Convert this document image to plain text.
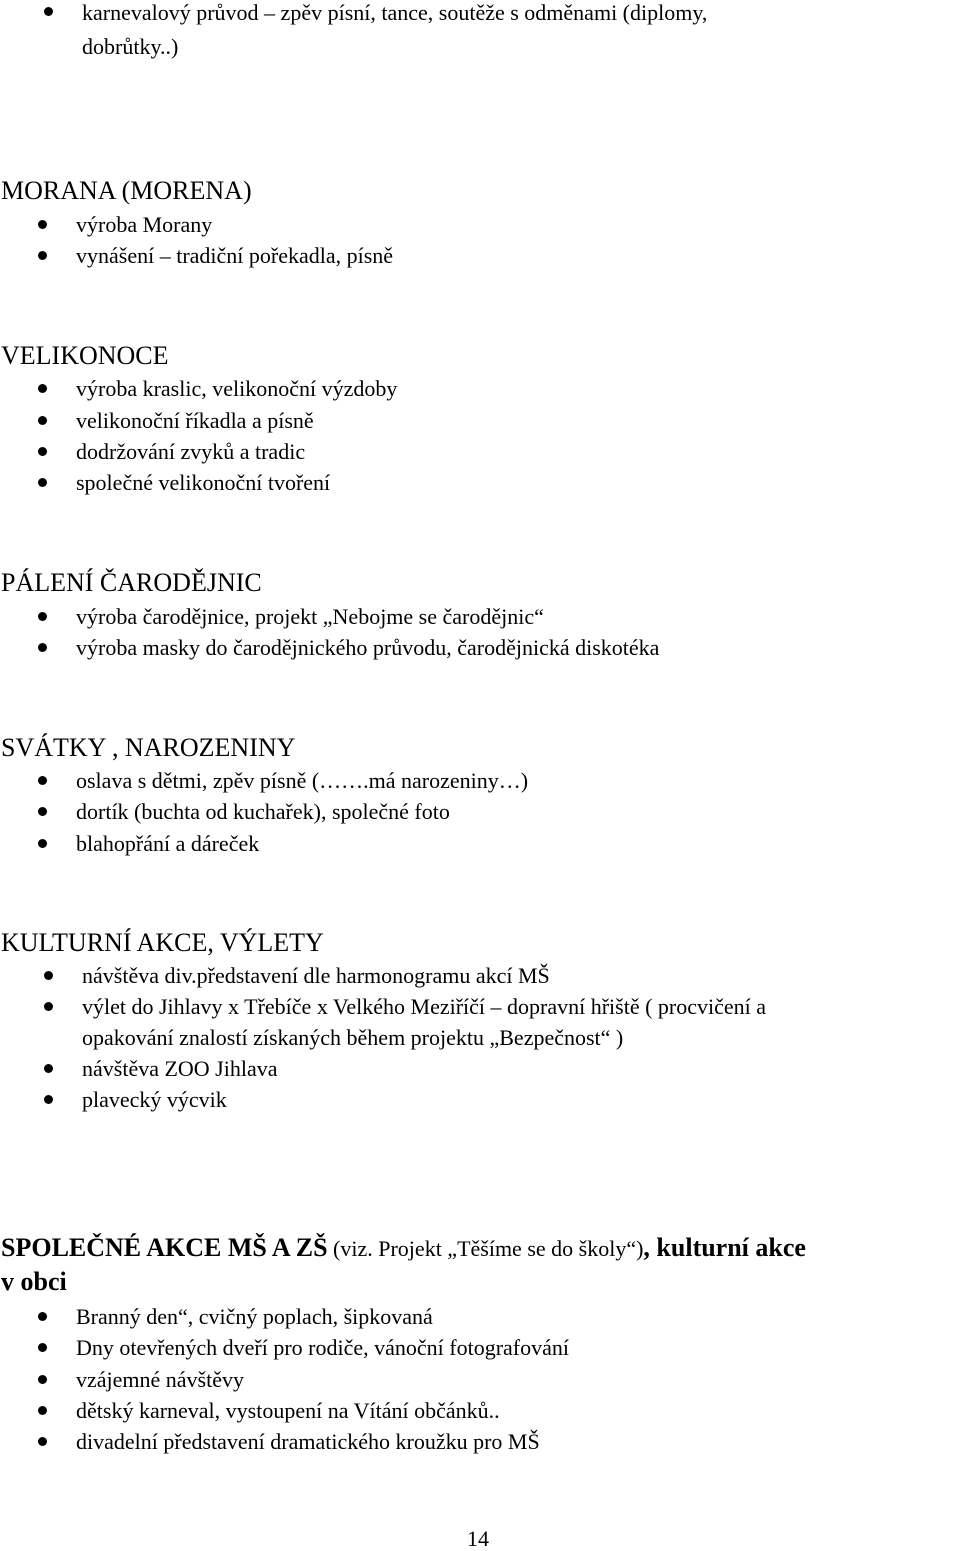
karnevalový průvod – zpěv písní, tance, soutěže s odměnami (diplomy,
dobrůtky..)
MORANA (MORENA)
výroba Morany
vynášení – tradiční pořekadla, písně
VELIKONOCE
výroba kraslic, velikonoční výzdoby
velikonoční říkadla a písně
dodržování zvyků a tradic
společné velikonoční tvoření
PÁLENÍ ČARODĚJNIC
výroba čarodějnice, projekt „Nebojme se čarodějnic“
výroba masky do čarodějnického průvodu, čarodějnická diskotéka
SVÁTKY , NAROZENINY
oslava s dětmi, zpěv písně (…….má narozeniny…)
dortík (buchta od kuchařek), společné foto
blahopřání a dáreček
KULTURNÍ AKCE, VÝLETY
návštěva div.představení dle harmonogramu akcí MŠ
výlet do Jihlavy x Třebíče x Velkého Meziříčí – dopravní hřiště ( procvičení a
opakování znalostí získaných během projektu „Bezpečnost“ )
návštěva ZOO Jihlava
plavecký výcvik
SPOLEČNÉ AKCE MŠ A ZŠ (viz. Projekt „Těšíme se do školy“), kulturní akce
v obci
Branný den“, cvičný poplach, šipkovaná
Dny otevřených dveří pro rodiče, vánoční fotografování
vzájemné návštěvy
dětský karneval, vystoupení na Vítání občánků..
divadelní představení dramatického kroužku pro MŠ
14
